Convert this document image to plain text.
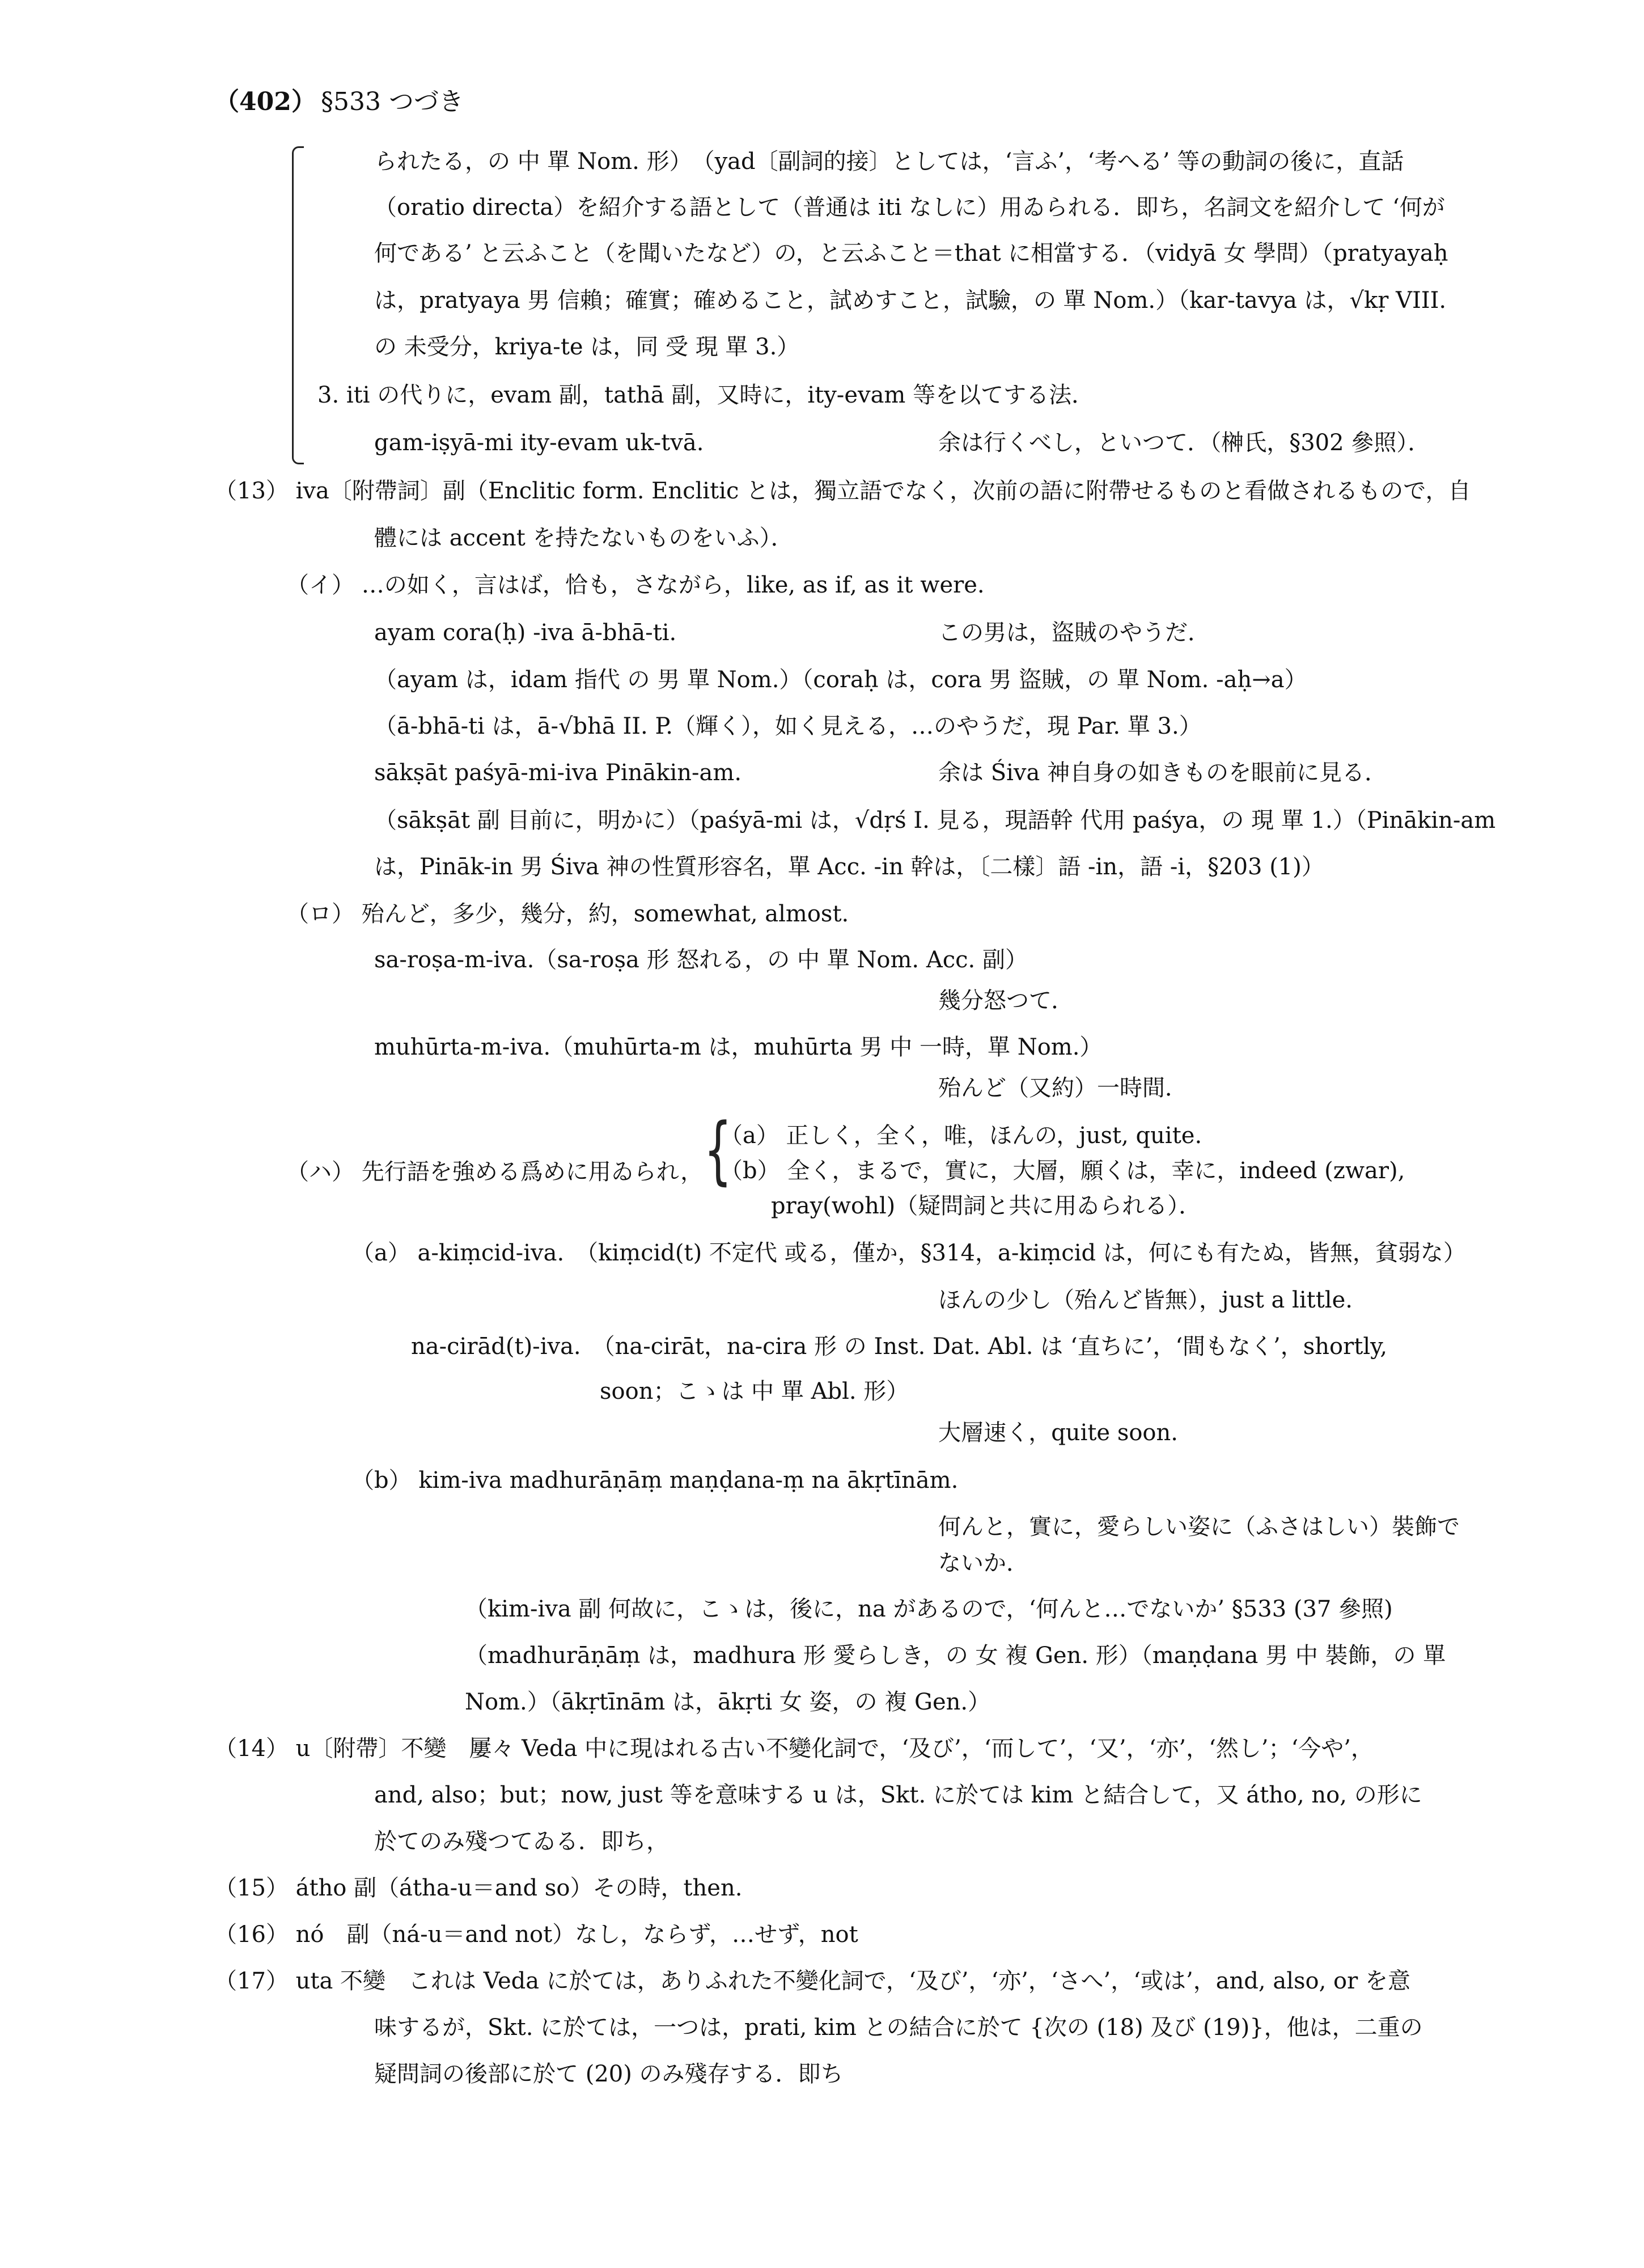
（402） §533 つづき
られたる，の 中 單 Nom. 形）　（yad〔副詞的接〕としては，‘言ふ’，‘考へる’ 等の動詞の後に，直話
（oratio directa）を紹介する語として（普通は iti なしに）用ゐられる．即ち，名詞文を紹介して ‘何が
何である’ と云ふこと（を聞いたなど）の，と云ふこと＝that に相當する．（vidyā 女 學問）（pratyayaḥ
は，pratyaya 男 信賴；確實；確めること，試めすこと，試驗，の 單 Nom.）（kar-tavya は，√kṛ VIII.
の 未受分，kriya-te は，同 受 現 單 3.）
3. iti の代りに，evam 副，tathā 副，又時に，ity-evam 等を以てする法．
gam-iṣyā-mi ity-evam uk-tvā.	余は行くべし，といつて．（榊氏，§302 參照）．
（13） iva〔附帶詞〕副（Enclitic form. Enclitic とは，獨立語でなく，次前の語に附帶せるものと看做されるもので，自
體には accent を持たないものをいふ）．
（イ） …の如く，言はば，恰も，さながら，like, as if, as it were.
ayam cora(ḥ) -iva ā-bhā-ti.	この男は，盜賊のやうだ．
（ayam は，idam 指代 の 男 單 Nom.）（coraḥ は，cora 男 盜賊，の 單 Nom. -aḥ→a）
（ā-bhā-ti は，ā-√bhā II. P.（輝く），如く見える，…のやうだ，現 Par. 單 3.）
sākṣāt paśyā-mi-iva Pinākin-am.	余は Śiva 神自身の如きものを眼前に見る．
（sākṣāt 副 目前に，明かに）（paśyā-mi は，√dṛś I. 見る，現語幹 代用 paśya，の 現 單 1.）（Pinākin-am
は，Pināk-in 男 Śiva 神の性質形容名，單 Acc. -in 幹は，〔二樣〕語 -in，語 -i，§203 (1)）
（ロ） 殆んど，多少，幾分，約，somewhat, almost.
sa-roṣa-m-iva.（sa-roṣa 形 怒れる，の 中 單 Nom. Acc. 副）
幾分怒つて．
muhūrta-m-iva.（muhūrta-m は，muhūrta 男 中 一時，單 Nom.）
殆んど（又約）一時間．
{
（a） 正しく，全く，唯，ほんの，just, quite.
（ハ） 先行語を強める爲めに用ゐられ， （b） 全く，まるで，實に，大層，願くは，幸に，indeed (zwar),
pray(wohl)（疑問詞と共に用ゐられる）．
（a） a-kiṃcid-iva.　（kiṃcid(t) 不定代 或る，僅か，§314，a-kiṃcid は，何にも有たぬ，皆無，貧弱な）
ほんの少し（殆んど皆無），just a little.
na-cirād(t)-iva.　（na-cirāt，na-cira 形 の Inst. Dat. Abl. は ‘直ちに’，‘間もなく’，shortly,
soon；こゝは 中 單 Abl. 形）
大層速く，quite soon.
（b） kim-iva madhurāṇāṃ maṇḍana-ṃ na ākṛtīnām.
何んと，實に，愛らしい姿に（ふさはしい）裝飾で
ないか．
（kim-iva 副 何故に，こゝは，後に，na があるので，‘何んと…でないか’ §533 (37 參照)
（madhurāṇāṃ は，madhura 形 愛らしき，の 女 複 Gen. 形）（maṇḍana 男 中 裝飾，の 單
Nom.）（ākṛtīnām は，ākṛti 女 姿，の 複 Gen.）
（14） u〔附帶〕不變　屢々 Veda 中に現はれる古い不變化詞で，‘及び’，‘而して’，‘又’，‘亦’，‘然し’；‘今や’，
and, also；but；now, just 等を意味する u は，Skt. に於ては kim と結合して，又 átho, no, の形に
於てのみ殘つてゐる．即ち，
（15） átho 副（átha-u＝and so）その時，then.
（16） nó　副（ná-u＝and not）なし，ならず，…せず，not
（17） uta 不變　これは Veda に於ては，ありふれた不變化詞で，‘及び’，‘亦’，‘さへ’，‘或は’，and, also, or を意
味するが，Skt. に於ては，一つは，prati, kim との結合に於て {次の (18) 及び (19)}，他は，二重の
疑問詞の後部に於て (20) のみ殘存する．即ち
